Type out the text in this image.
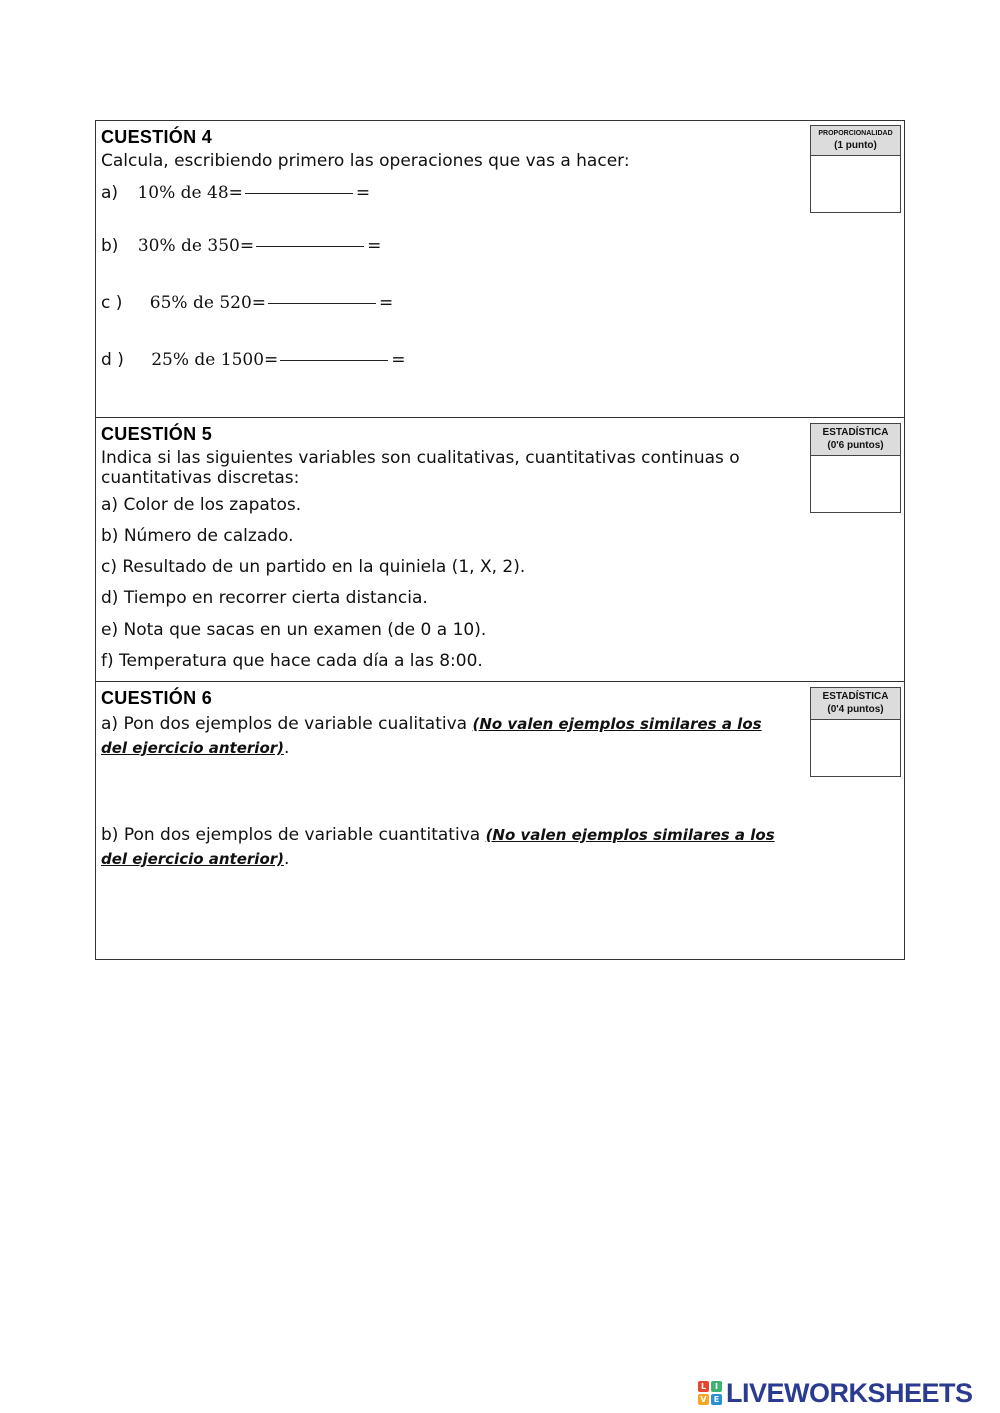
CUESTIÓN 4
Calcula, escribiendo primero las operaciones que vas a hacer:
a) 10% de 48=	=
b) 30% de 350=	=
c ) 65% de 520=	=
d ) 25% de 1500=	=
PROPORCIONALIDAD
(1 punto)
CUESTIÓN 5
Indica si las siguientes variables son cualitativas, cuantitativas continuas o cuantitativas discretas:
a) Color de los zapatos.
b) Número de calzado.
c) Resultado de un partido en la quiniela (1, X, 2).
d) Tiempo en recorrer cierta distancia.
e) Nota que sacas en un examen (de 0 a 10).
f) Temperatura que hace cada día a las 8:00.
ESTADÍSTICA
(0'6 puntos)
CUESTIÓN 6
a) Pon dos ejemplos de variable cualitativa (No valen ejemplos similares a los
del ejercicio anterior).
b) Pon dos ejemplos de variable cuantitativa (No valen ejemplos similares a los
del ejercicio anterior).
ESTADÍSTICA
(0'4 puntos)
L	I
V E LIVEWORKSHEETS
